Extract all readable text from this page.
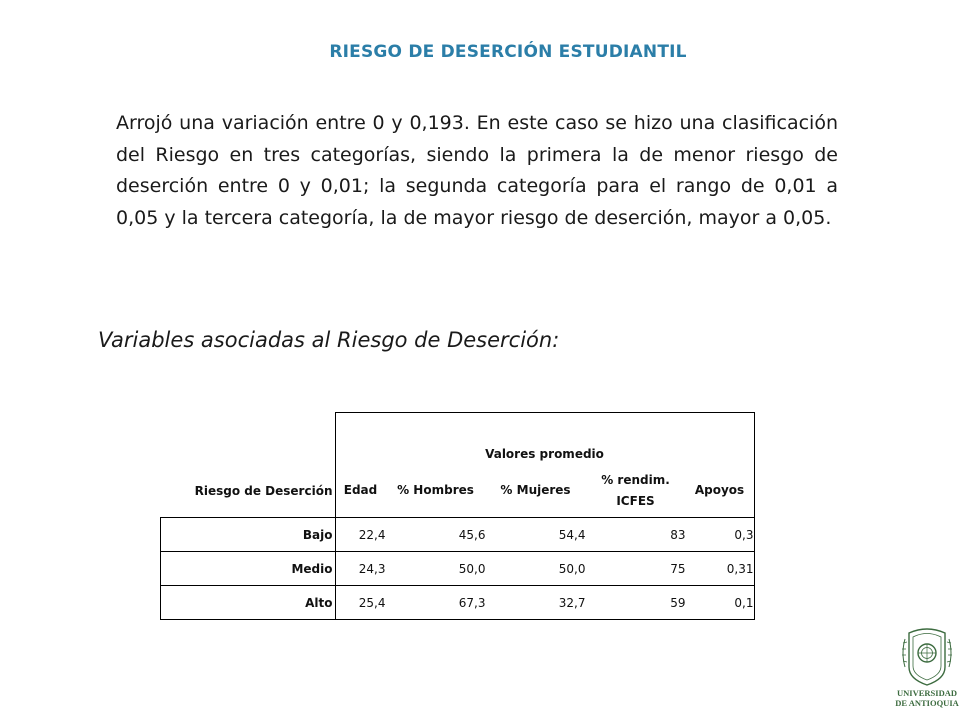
RIESGO DE DESERCIÓN ESTUDIANTIL
Arrojó una variación entre 0 y 0,193. En este caso se hizo una clasificación del Riesgo en tres categorías, siendo la primera la de menor riesgo de deserción entre 0 y 0,01; la segunda categoría para el rango de 0,01 a 0,05 y la tercera categoría, la de mayor riesgo de deserción, mayor a 0,05.
Variables asociadas al Riesgo de Deserción:
	Valores promedio				
Riesgo de Deserción	Edad	% Hombres	% Mujeres	% rendim. ICFES	Apoyos
Bajo	22,4	45,6	54,4	83	0,3
Medio	24,3	50,0	50,0	75	0,31
Alto	25,4	67,3	32,7	59	0,1
UNIVERSIDAD
DE ANTIOQUIA
